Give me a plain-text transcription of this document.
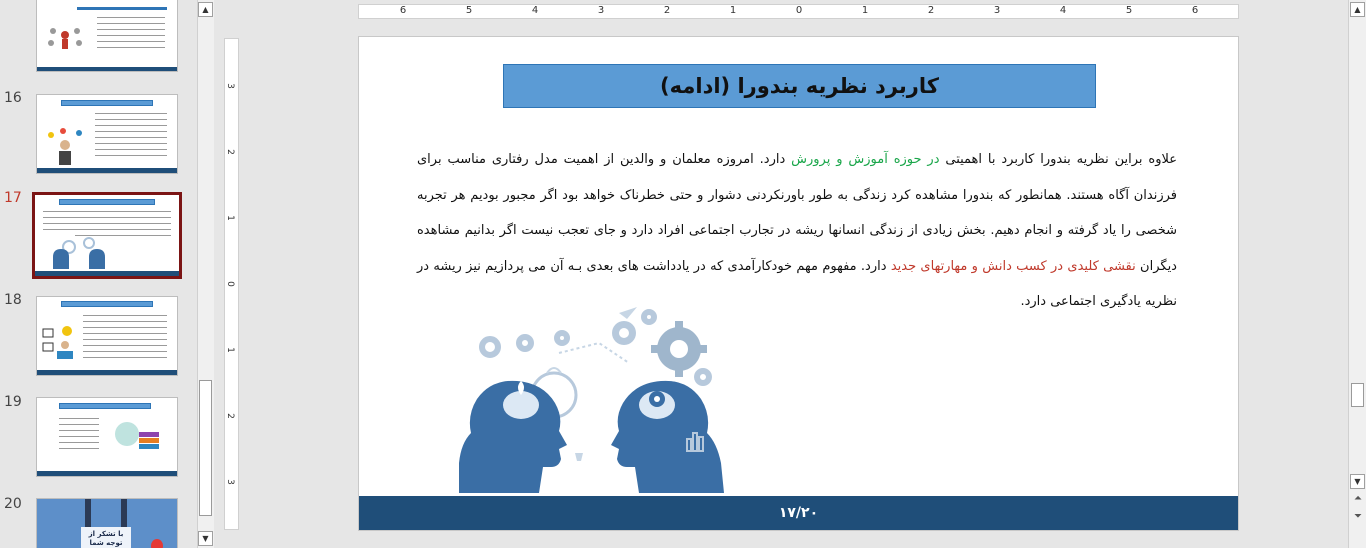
16
17
18
19
20
با تشکر از توجه شما
▲
▼
3
2
1
0
1
2
3
6	5	4	3	2	1	0	1	2	3	4	5	6
کاربرد نظریه بندورا (ادامه)
علاوه براین نظریه بندورا کاربرد با اهمیتی در حوزه آموزش و پرورش دارد. امروزه معلمان و والدین از اهمیت مدل رفتاری مناسب برای فرزندان آگاه هستند. همانطور که بندورا مشاهده کرد زندگی به طور باورنکردنی دشوار و حتی خطرناک خواهد بود اگر مجبور بودیم هر تجربه شخصی را یاد گرفته و انجام دهیم. بخش زیادی از زندگی انسانها ریشه در تجارب اجتماعی افراد دارد و جای تعجب نیست اگر بدانیم مشاهده دیگران نقشی کلیدی در کسب دانش و مهارتهای جدید دارد. مفهوم مهم خودکارآمدی که در یادداشت های بعدی بـه آن می پردازیم نیز ریشه در نظریه یادگیری اجتماعی دارد.
۱۷/۲۰
▲
▼
⏶
⏷
